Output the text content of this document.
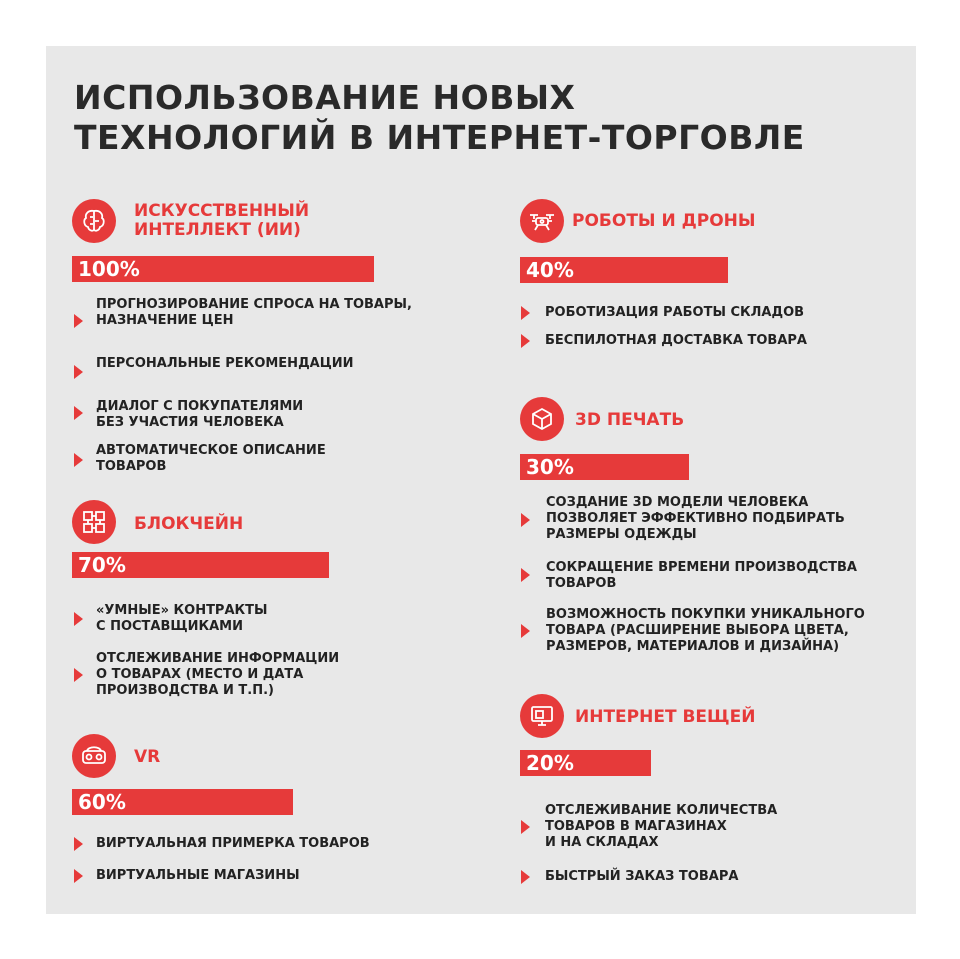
ИСПОЛЬЗОВАНИЕ НОВЫХ
ТЕХНОЛОГИЙ В ИНТЕРНЕТ-ТОРГОВЛЕ
ИСКУССТВЕННЫЙ
ИНТЕЛЛЕКТ (ИИ)
100%
ПРОГНОЗИРОВАНИЕ СПРОСА НА ТОВАРЫ,
НАЗНАЧЕНИЕ ЦЕН
ПЕРСОНАЛЬНЫЕ РЕКОМЕНДАЦИИ
ДИАЛОГ С ПОКУПАТЕЛЯМИ
БЕЗ УЧАСТИЯ ЧЕЛОВЕКА
АВТОМАТИЧЕСКОЕ ОПИСАНИЕ
ТОВАРОВ
БЛОКЧЕЙН
70%
«УМНЫЕ» КОНТРАКТЫ
С ПОСТАВЩИКАМИ
ОТСЛЕЖИВАНИЕ ИНФОРМАЦИИ
О ТОВАРАХ (МЕСТО И ДАТА
ПРОИЗВОДСТВА И Т.П.)
VR
60%
ВИРТУАЛЬНАЯ ПРИМЕРКА ТОВАРОВ
ВИРТУАЛЬНЫЕ МАГАЗИНЫ
РОБОТЫ И ДРОНЫ
40%
РОБОТИЗАЦИЯ РАБОТЫ СКЛАДОВ
БЕСПИЛОТНАЯ ДОСТАВКА ТОВАРА
3D ПЕЧАТЬ
30%
СОЗДАНИЕ 3D МОДЕЛИ ЧЕЛОВЕКА
ПОЗВОЛЯЕТ ЭФФЕКТИВНО ПОДБИРАТЬ
РАЗМЕРЫ ОДЕЖДЫ
СОКРАЩЕНИЕ ВРЕМЕНИ ПРОИЗВОДСТВА
ТОВАРОВ
ВОЗМОЖНОСТЬ ПОКУПКИ УНИКАЛЬНОГО
ТОВАРА (РАСШИРЕНИЕ ВЫБОРА ЦВЕТА,
РАЗМЕРОВ, МАТЕРИАЛОВ И ДИЗАЙНА)
ИНТЕРНЕТ ВЕЩЕЙ
20%
ОТСЛЕЖИВАНИЕ КОЛИЧЕСТВА
ТОВАРОВ В МАГАЗИНАХ
И НА СКЛАДАХ
БЫСТРЫЙ ЗАКАЗ ТОВАРА
